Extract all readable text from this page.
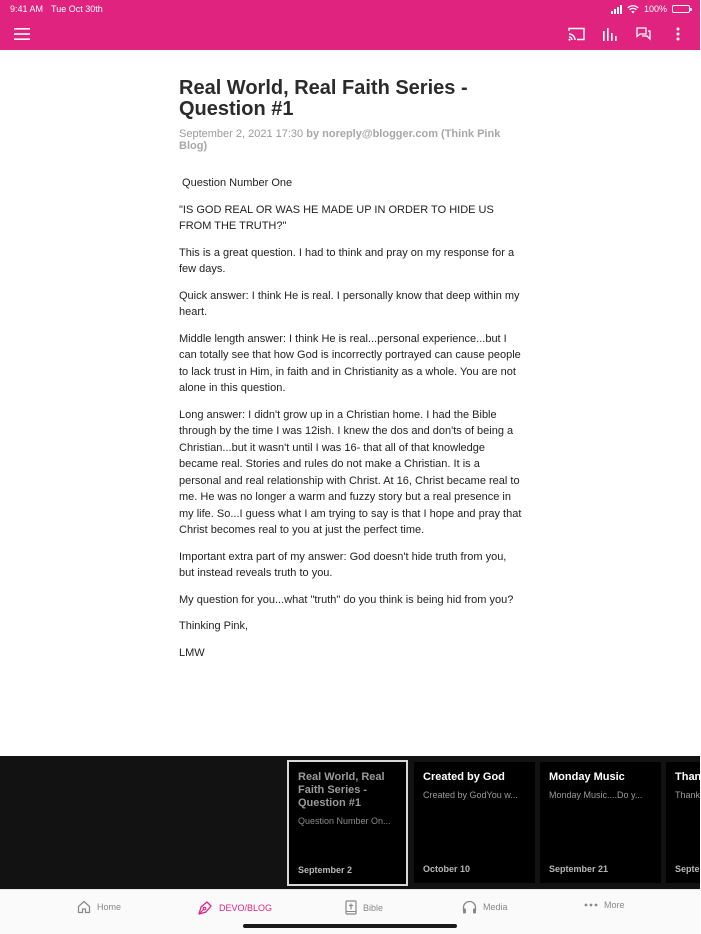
9:41 AM Tue Oct 30th	100%
Real World, Real Faith Series - Question #1
September 2, 2021 17:30 by noreply@blogger.com (Think Pink Blog)

Question Number One

"IS GOD REAL OR WAS HE MADE UP IN ORDER TO HIDE US FROM THE TRUTH?"

This is a great question. I had to think and pray on my response for a few days.

Quick answer: I think He is real. I personally know that deep within my heart.

Middle length answer: I think He is real...personal experience...but I can totally see that how God is incorrectly portrayed can cause people to lack trust in Him, in faith and in Christianity as a whole. You are not alone in this question.

Long answer: I didn't grow up in a Christian home. I had the Bible through by the time I was 12ish. I knew the dos and don'ts of being a Christian...but it wasn't until I was 16- that all of that knowledge became real. Stories and rules do not make a Christian. It is a personal and real relationship with Christ. At 16, Christ became real to me. He was no longer a warm and fuzzy story but a real presence in my life. So...I guess what I am trying to say is that I hope and pray that Christ becomes real to you at just the perfect time.

Important extra part of my answer: God doesn't hide truth from you, but instead reveals truth to you.

My question for you...what "truth" do you think is being hid from you?

Thinking Pink,

LMW

Real World, Real Faith Series - Question #1
Question Number On...
September 2
Created by God
Created by GodYou w...
October 10
Monday Music
Monday Music....Do y...
September 21
Than
Thank
Septe
Home	DEVO/BLOG	Bible	Media	More
